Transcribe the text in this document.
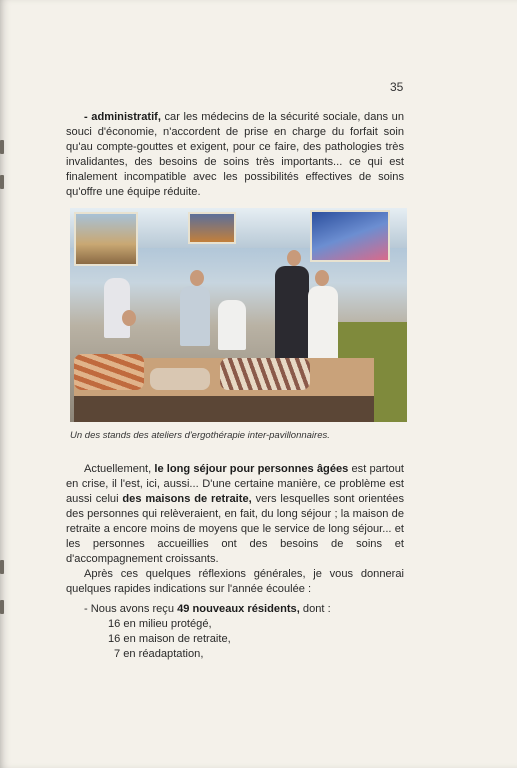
35

- administratif, car les médecins de la sécurité sociale, dans un souci d'économie, n'accordent de prise en charge du forfait soin qu'au compte-gouttes et exigent, pour ce faire, des pathologies très invalidantes, des besoins de soins très importants... ce qui est finalement incompatible avec les possibilités effectives de soins qu'offre une équipe réduite.

Un des stands des ateliers d'ergothérapie inter-pavillonnaires.

Actuellement, le long séjour pour personnes âgées est partout en crise, il l'est, ici, aussi... D'une certaine manière, ce problème est aussi celui des maisons de retraite, vers lesquelles sont orientées des personnes qui relèveraient, en fait, du long séjour ; la maison de retraite a encore moins de moyens que le service de long séjour... et les personnes accueillies ont des besoins de soins et d'accompagnement croissants.

Après ces quelques réflexions générales, je vous donnerai quelques rapides indications sur l'année écoulée :

- Nous avons reçu 49 nouveaux résidents, dont :

16 en milieu protégé,

16 en maison de retraite,

7 en réadaptation,
